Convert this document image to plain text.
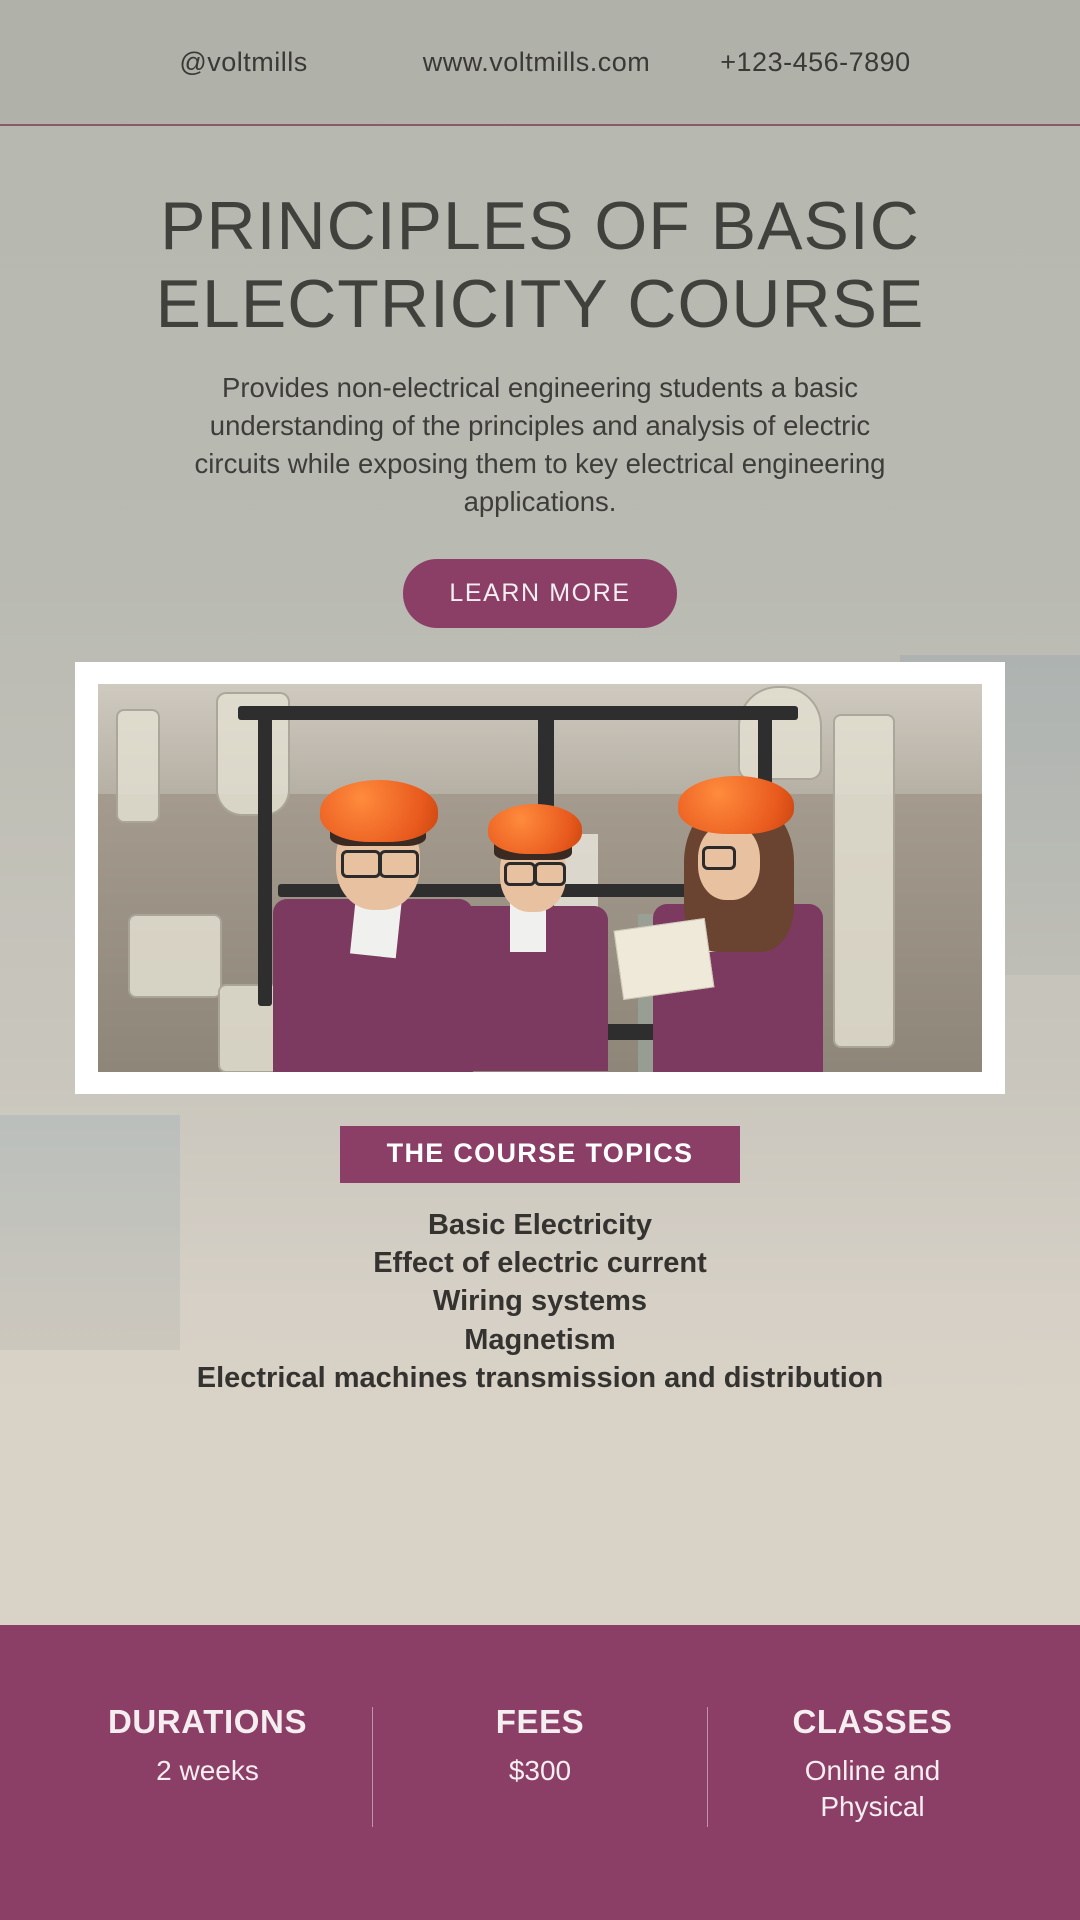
@voltmills	www.voltmills.com	+123-456-7890
PRINCIPLES OF BASIC ELECTRICITY COURSE

Provides non-electrical engineering students a basic understanding of the principles and analysis of electric circuits while exposing them to key electrical engineering applications.

LEARN MORE
THE COURSE TOPICS
Basic Electricity
Effect of electric current
Wiring systems
Magnetism
Electrical machines transmission and distribution
DURATIONS
2 weeks
FEES
$300
CLASSES
Online and Physical
